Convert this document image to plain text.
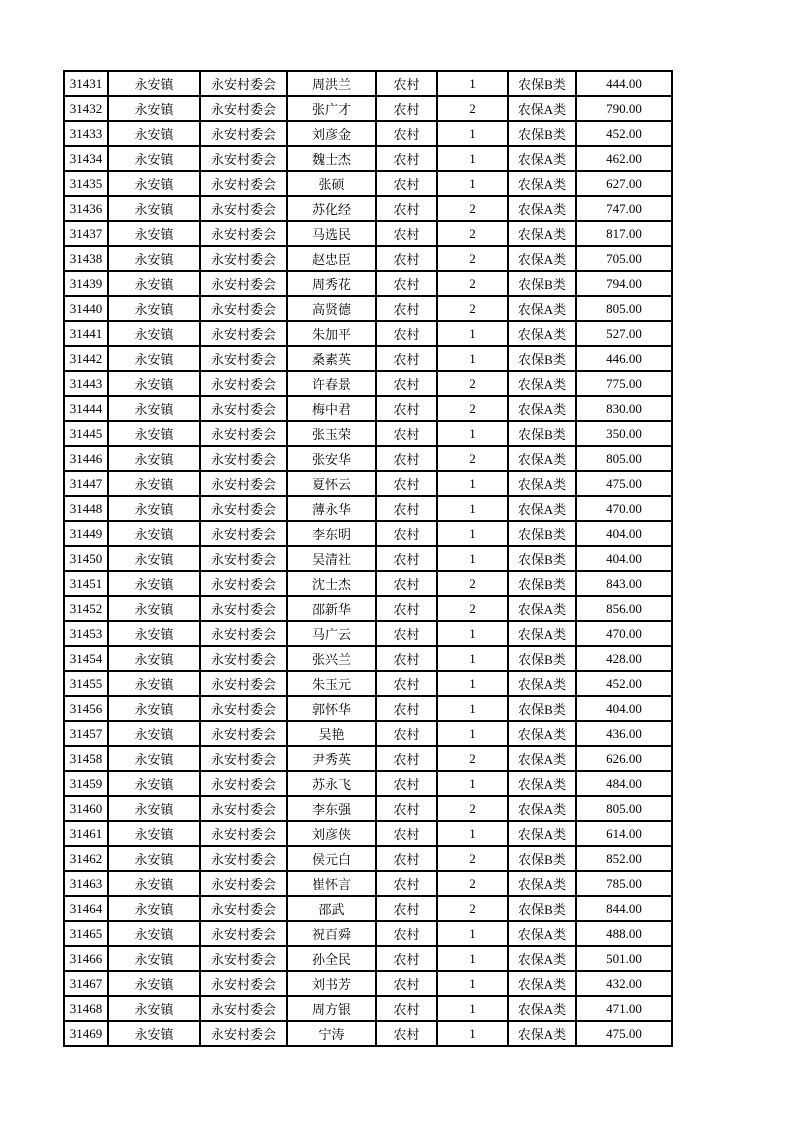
31431	永安镇	永安村委会	周洪兰	农村	1	农保B类	444.00
31432	永安镇	永安村委会	张广才	农村	2	农保A类	790.00
31433	永安镇	永安村委会	刘彦金	农村	1	农保B类	452.00
31434	永安镇	永安村委会	魏士杰	农村	1	农保A类	462.00
31435	永安镇	永安村委会	张硕	农村	1	农保A类	627.00
31436	永安镇	永安村委会	苏化经	农村	2	农保A类	747.00
31437	永安镇	永安村委会	马选民	农村	2	农保A类	817.00
31438	永安镇	永安村委会	赵忠臣	农村	2	农保A类	705.00
31439	永安镇	永安村委会	周秀花	农村	2	农保B类	794.00
31440	永安镇	永安村委会	高贤德	农村	2	农保A类	805.00
31441	永安镇	永安村委会	朱加平	农村	1	农保A类	527.00
31442	永安镇	永安村委会	桑素英	农村	1	农保B类	446.00
31443	永安镇	永安村委会	许春景	农村	2	农保A类	775.00
31444	永安镇	永安村委会	梅中君	农村	2	农保A类	830.00
31445	永安镇	永安村委会	张玉荣	农村	1	农保B类	350.00
31446	永安镇	永安村委会	张安华	农村	2	农保A类	805.00
31447	永安镇	永安村委会	夏怀云	农村	1	农保A类	475.00
31448	永安镇	永安村委会	薄永华	农村	1	农保A类	470.00
31449	永安镇	永安村委会	李东明	农村	1	农保B类	404.00
31450	永安镇	永安村委会	吴清社	农村	1	农保B类	404.00
31451	永安镇	永安村委会	沈士杰	农村	2	农保B类	843.00
31452	永安镇	永安村委会	邵新华	农村	2	农保A类	856.00
31453	永安镇	永安村委会	马广云	农村	1	农保A类	470.00
31454	永安镇	永安村委会	张兴兰	农村	1	农保B类	428.00
31455	永安镇	永安村委会	朱玉元	农村	1	农保A类	452.00
31456	永安镇	永安村委会	郭怀华	农村	1	农保B类	404.00
31457	永安镇	永安村委会	吴艳	农村	1	农保A类	436.00
31458	永安镇	永安村委会	尹秀英	农村	2	农保A类	626.00
31459	永安镇	永安村委会	苏永飞	农村	1	农保A类	484.00
31460	永安镇	永安村委会	李东强	农村	2	农保A类	805.00
31461	永安镇	永安村委会	刘彦侠	农村	1	农保A类	614.00
31462	永安镇	永安村委会	侯元白	农村	2	农保B类	852.00
31463	永安镇	永安村委会	崔怀言	农村	2	农保A类	785.00
31464	永安镇	永安村委会	邵武	农村	2	农保B类	844.00
31465	永安镇	永安村委会	祝百舜	农村	1	农保A类	488.00
31466	永安镇	永安村委会	孙全民	农村	1	农保A类	501.00
31467	永安镇	永安村委会	刘书芳	农村	1	农保A类	432.00
31468	永安镇	永安村委会	周方银	农村	1	农保A类	471.00
31469	永安镇	永安村委会	宁涛	农村	1	农保A类	475.00
